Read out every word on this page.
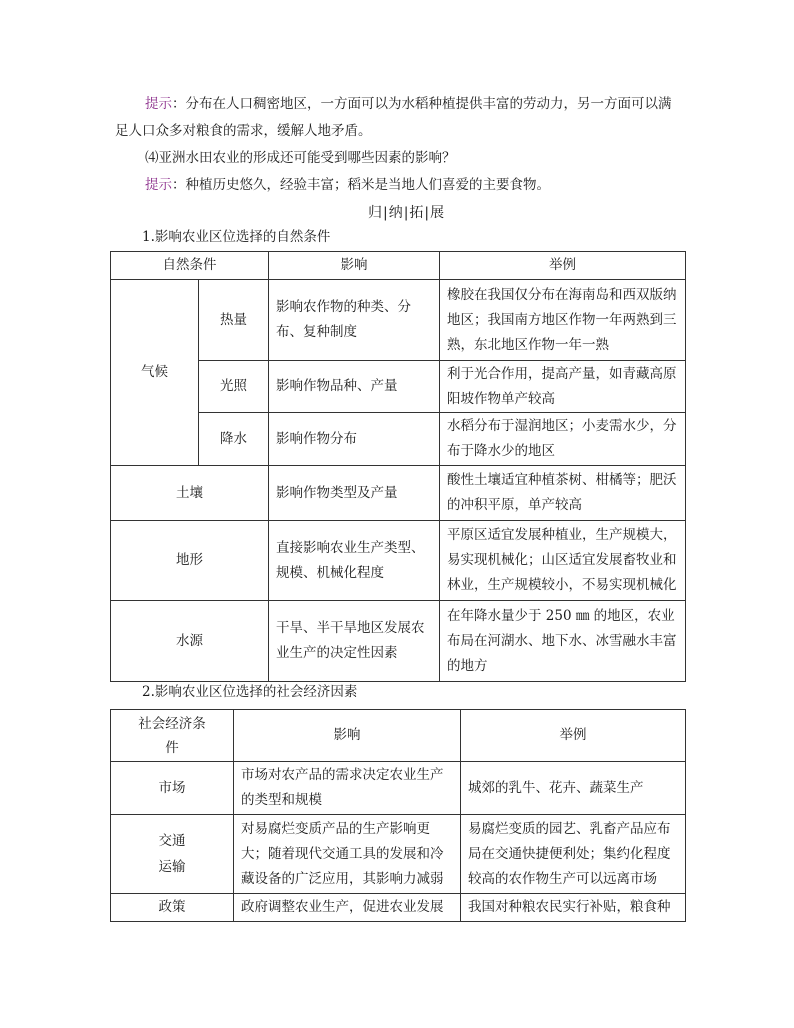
提示：分布在人口稠密地区，一方面可以为水稻种植提供丰富的劳动力，另一方面可以满
足人口众多对粮食的需求，缓解人地矛盾。
⑷亚洲水田农业的形成还可能受到哪些因素的影响？
提示：种植历史悠久，经验丰富；稻米是当地人们喜爱的主要食物。
归|纳|拓|展
1.影响农业区位选择的自然条件
自然条件		影响	举例
气候	热量	影响农作物的种类、分布、复种制度	橡胶在我国仅分布在海南岛和西双版纳地区；我国南方地区作物一年两熟到三熟，东北地区作物一年一熟
	光照	影响作物品种、产量	利于光合作用，提高产量，如青藏高原阳坡作物单产较高
	降水	影响作物分布	水稻分布于湿润地区；小麦需水少，分布于降水少的地区
土壤		影响作物类型及产量	酸性土壤适宜种植茶树、柑橘等；肥沃的冲积平原，单产较高
地形		直接影响农业生产类型、规模、机械化程度	平原区适宜发展种植业，生产规模大，易实现机械化；山区适宜发展畜牧业和林业，生产规模较小，不易实现机械化
水源		干旱、半干旱地区发展农业生产的决定性因素	在年降水量少于 250 ㎜ 的地区，农业布局在河湖水、地下水、冰雪融水丰富的地方
2.影响农业区位选择的社会经济因素
社会经济条件	影响	举例
市场	市场对农产品的需求决定农业生产的类型和规模	城郊的乳牛、花卉、蔬菜生产

交通运输	对易腐烂变质产品的生产影响更大；随着现代交通工具的发展和冷藏设备的广泛应用，其影响力减弱	易腐烂变质的园艺、乳畜产品应布局在交通快捷便利处；集约化程度较高的农作物生产可以远离市场
政策	政府调整农业生产，促进农业发展	我国对种粮农民实行补贴，粮食种
